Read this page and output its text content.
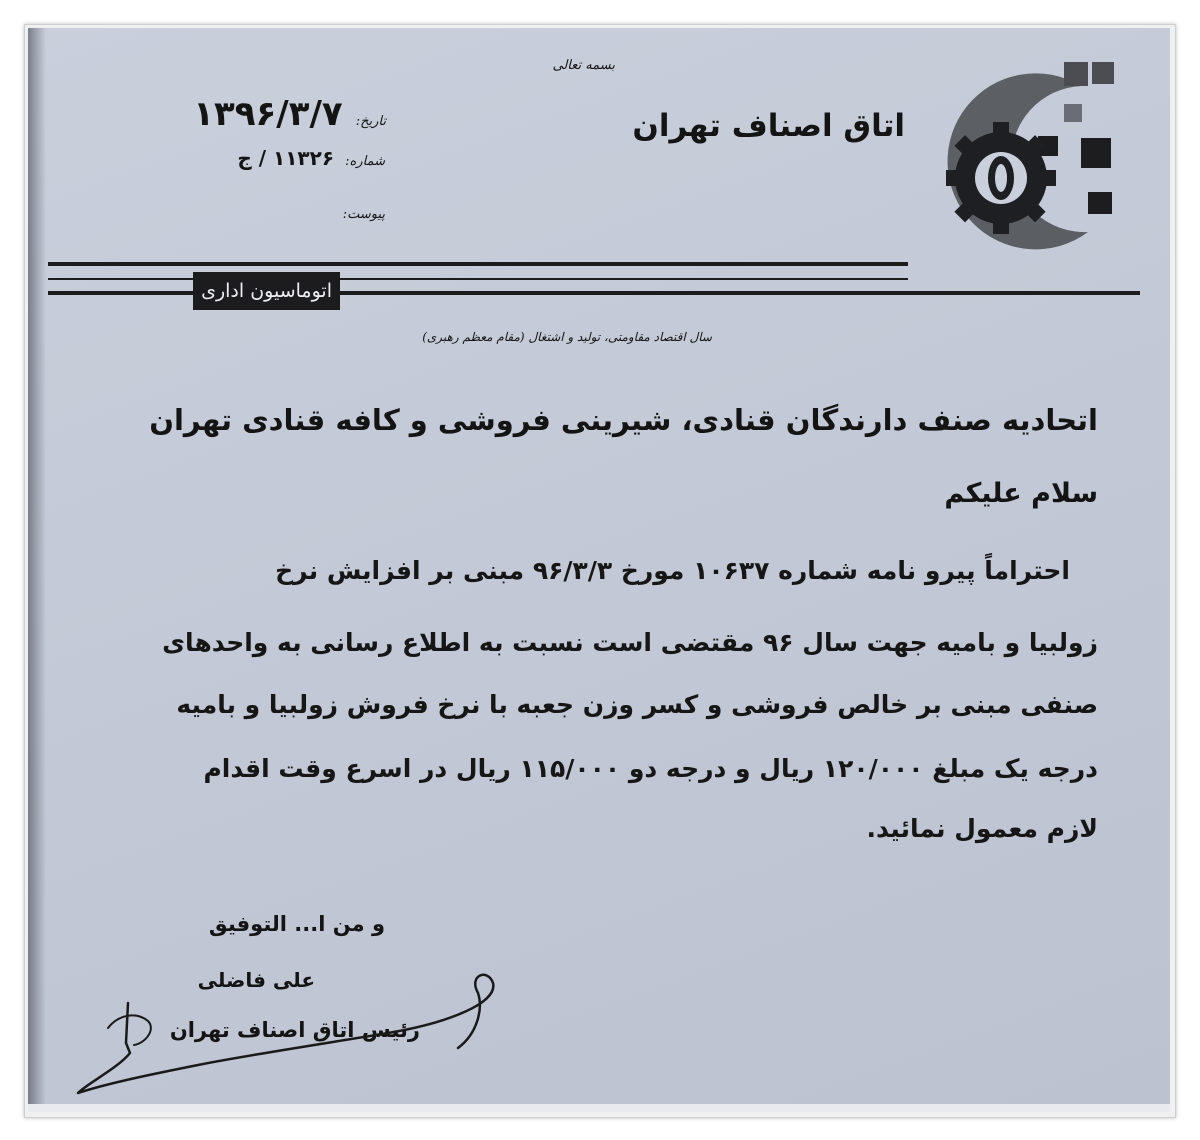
بسمه تعالی
اتاق اصناف تهران
تاریخ: ۱۳۹۶/۳/۷
شماره: ۱۱۳۲۶ / ج
پیوست:
اتوماسیون اداری
سال اقتصاد مقاومتی، تولید و اشتغال (مقام معظم رهبری)
اتحادیه صنف دارندگان قنادی، شیرینی فروشی و کافه قنادی تهران
سلام علیکم
احتراماً پیرو نامه شماره ۱۰۶۳۷ مورخ ۹۶/۳/۳ مبنی بر افزایش نرخ
زولبیا و بامیه جهت سال ۹۶ مقتضی است نسبت به اطلاع رسانی به واحدهای
صنفی مبنی بر خالص فروشی و کسر وزن جعبه با نرخ فروش زولبیا و بامیه
درجه یک مبلغ ۱۲۰/۰۰۰ ریال و درجه دو ۱۱۵/۰۰۰ ریال در اسرع وقت اقدام
لازم معمول نمائید.
و من ا... التوفیق
علی فاضلی
رئیس اتاق اصناف تهران
